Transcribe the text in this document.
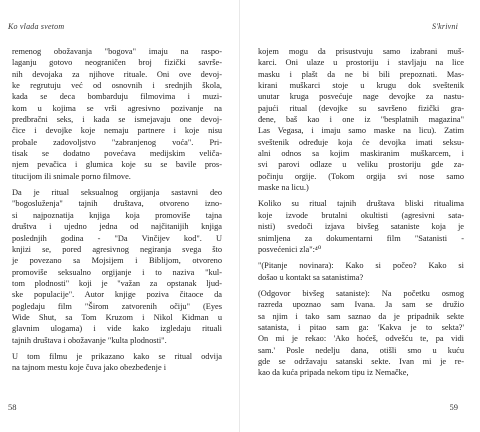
Ko vlada svetom
remenog obožavanja "bogova" imaju na raspo-
laganju gotovo neograničen broj fizički savrše-
nih devojaka za njihove rituale. Oni ove devoj-
ke regrutuju već od osnovnih i srednjih škola,
kada se deca bombarduju filmovima i muzi-
kom u kojima se vrši agresivno pozivanje na
predbračni seks, i kada se ismejavaju one devoj-
čice i devojke koje nemaju partnere i koje nisu
probale zadovoljstvo "zabranjenog voća". Pri-
tisak se dodatno povećava medijskim veliča-
njem pevačica i glumica koje su se bavile pros-
titucijom ili snimale porno filmove.
Da je ritual seksualnog orgijanja sastavni deo
"bogosluženja" tajnih društava, otvoreno izno-
si najpoznatija knjiga koja promoviše tajna
društva i ujedno jedna od najčitanijih knjiga
poslednjih godina - "Da Vinčijev kod". U
knjizi se, pored agresivnog negiranja svega što
je povezano sa Mojsijem i Biblijom, otvoreno
promoviše seksualno orgijanje i to naziva "kul-
tom plodnosti" koji je "važan za opstanak ljud-
ske populacije". Autor knjige poziva čitaoce da
pogledaju film "Širom zatvorenih očiju" (Eyes
Wide Shut, sa Tom Kruzom i Nikol Kidman u
glavnim ulogama) i vide kako izgledaju rituali
tajnih društava i obožavanje "kulta plodnosti".
U tom filmu je prikazano kako se ritual odvija
na tajnom mestu koje čuva jako obezbeđenje i
58
S'krivni
kojem mogu da prisustvuju samo izabrani muš-
karci. Oni ulaze u prostoriju i stavljaju na lice
masku i plašt da ne bi bili prepoznati. Mas-
kirani muškarci stoje u krugu dok sveštenik
unutar kruga posvećuje nage devojke za nastu-
pajući ritual (devojke su savršeno fizički gra-
đene, baš kao i one iz "besplatnih magazina"
Las Vegasa, i imaju samo maske na licu). Zatim
sveštenik određuje koja će devojka imati seksu-
alni odnos sa kojim maskiranim muškarcem, i
svi parovi odlaze u veliku prostoriju gde za-
počinju orgije. (Tokom orgija svi nose samo
maske na licu.)
Koliko su ritual tajnih društava bliski ritualima
koje izvode brutalni okultisti (agresivni sata-
nisti) svedoči izjava bivšeg sataniste koja je
snimljena za dokumentarni film "Satanisti -
posvećenici zla":⁴⁰
"(Pitanje novinara): Kako si počeo? Kako si
došao u kontakt sa satanistima?
(Odgovor bivšeg sataniste): Na početku osmog
razreda upoznao sam Ivana. Ja sam se družio
sa njim i tako sam saznao da je pripadnik sekte
satanista, i pitao sam ga: 'Kakva je to sekta?'
On mi je rekao: 'Ako hoćeš, odvešću te, pa vidi
sam.' Posle nedelju dana, otišli smo u kuću
gde se održavaju satanski sekte. Ivan mi je re-
kao da kuća pripada nekom tipu iz Nemačke,
59
